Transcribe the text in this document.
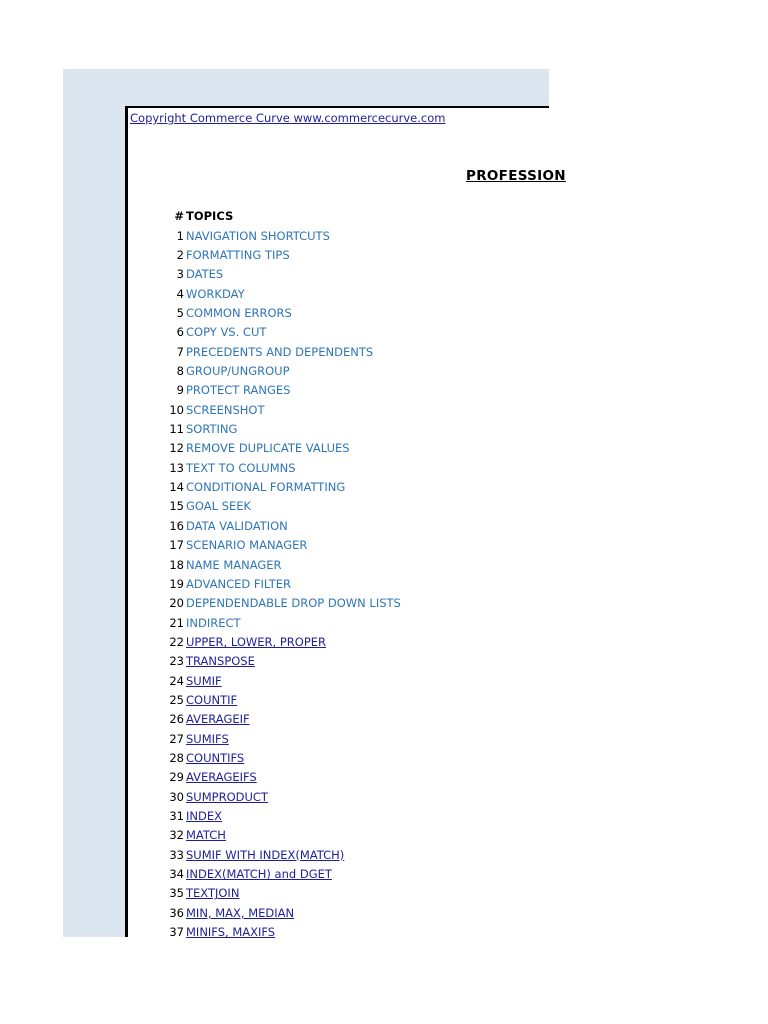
Copyright Commerce Curve www.commercecurve.com
PROFESSION
# TOPICS
1 NAVIGATION SHORTCUTS
2 FORMATTING TIPS
3 DATES
4 WORKDAY
5 COMMON ERRORS
6 COPY VS. CUT
7 PRECEDENTS AND DEPENDENTS
8 GROUP/UNGROUP
9 PROTECT RANGES
10 SCREENSHOT
11 SORTING
12 REMOVE DUPLICATE VALUES
13 TEXT TO COLUMNS
14 CONDITIONAL FORMATTING
15 GOAL SEEK
16 DATA VALIDATION
17 SCENARIO MANAGER
18 NAME MANAGER
19 ADVANCED FILTER
20 DEPENDENDABLE DROP DOWN LISTS
21 INDIRECT
22 UPPER, LOWER, PROPER
23 TRANSPOSE
24 SUMIF
25 COUNTIF
26 AVERAGEIF
27 SUMIFS
28 COUNTIFS
29 AVERAGEIFS
30 SUMPRODUCT
31 INDEX
32 MATCH
33 SUMIF WITH INDEX(MATCH)
34 INDEX(MATCH) and DGET
35 TEXTJOIN
36 MIN, MAX, MEDIAN
37 MINIFS, MAXIFS
